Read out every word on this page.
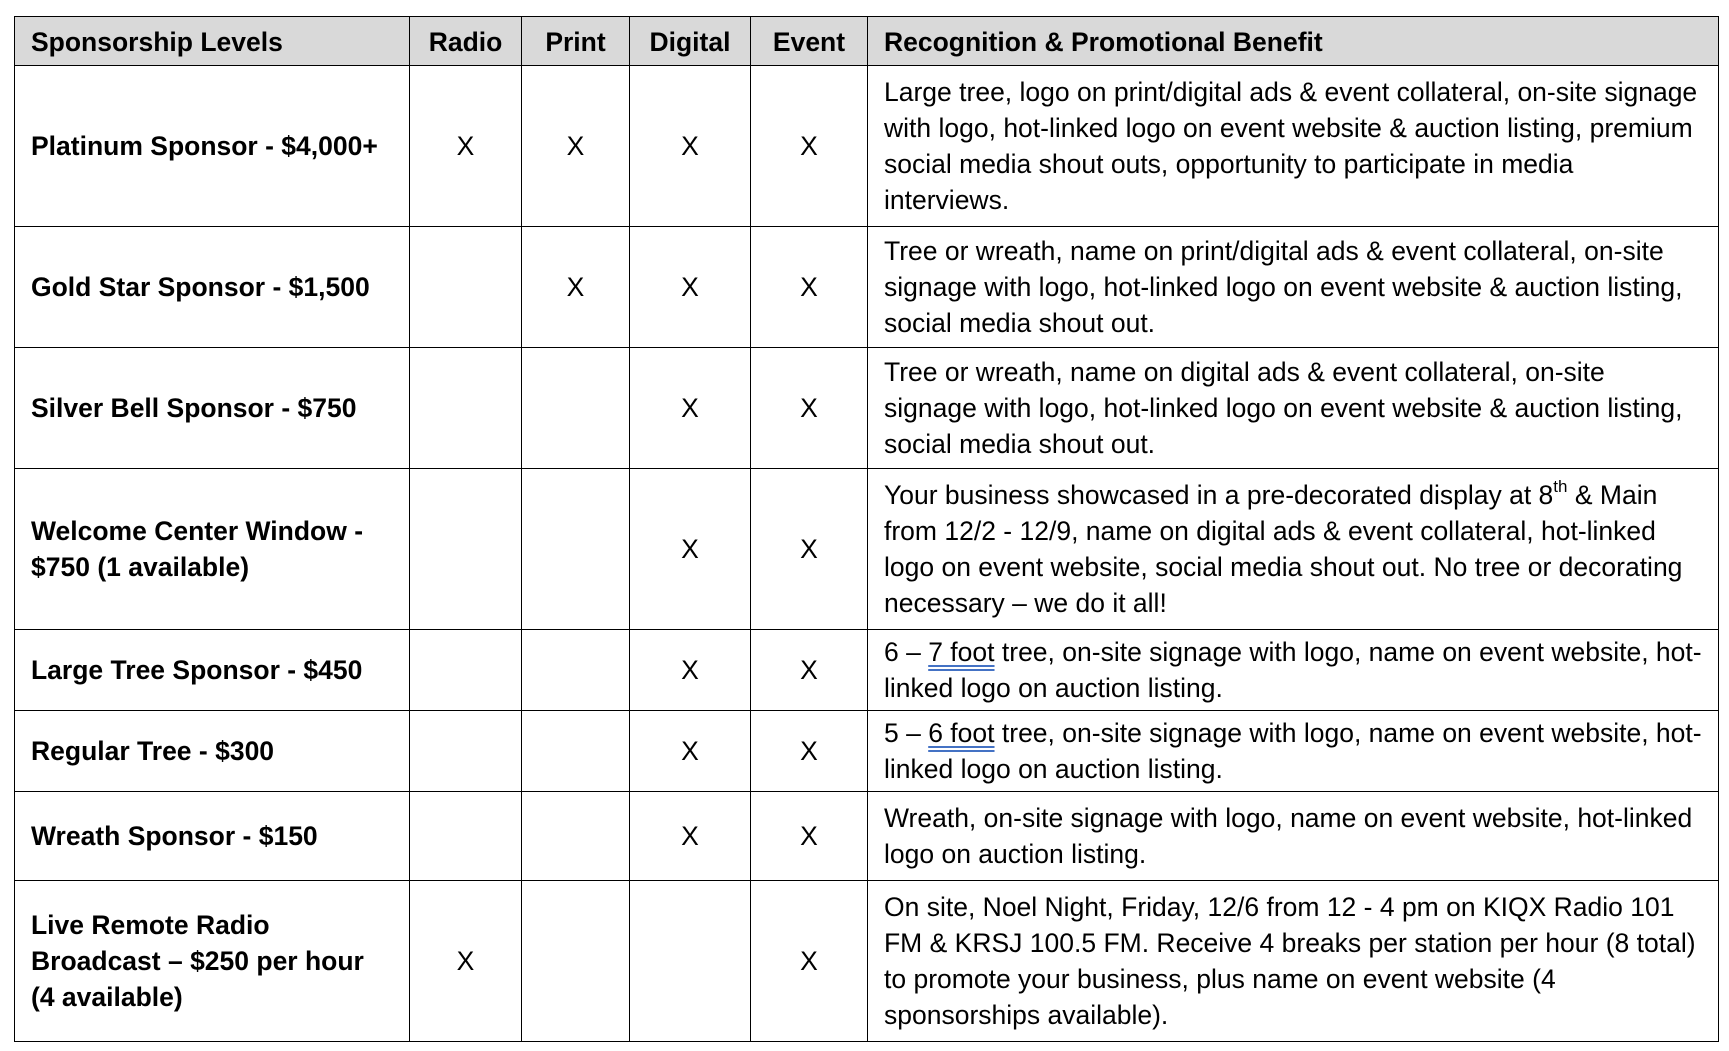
Sponsorship Levels	Radio	Print	Digital	Event	Recognition & Promotional Benefit
Platinum Sponsor - $4,000+	X	X	X	X	Large tree, logo on print/digital ads & event collateral, on-site signage with logo, hot-linked logo on event website & auction listing, premium social media shout outs, opportunity to participate in media interviews.
Gold Star Sponsor - $1,500		X	X	X	Tree or wreath, name on print/digital ads & event collateral, on-site signage with logo, hot-linked logo on event website & auction listing, social media shout out.
Silver Bell Sponsor - $750			X	X	Tree or wreath, name on digital ads & event collateral, on-site signage with logo, hot-linked logo on event website & auction listing, social media shout out.
Welcome Center Window - $750 (1 available)			X	X	Your business showcased in a pre-decorated display at 8th & Main from 12/2 - 12/9, name on digital ads & event collateral, hot-linked logo on event website, social media shout out. No tree or decorating necessary – we do it all!
Large Tree Sponsor - $450			X	X	6 – 7 foot tree, on-site signage with logo, name on event website, hot-linked logo on auction listing.
Regular Tree - $300			X	X	5 – 6 foot tree, on-site signage with logo, name on event website, hot-linked logo on auction listing.
Wreath Sponsor - $150			X	X	Wreath, on-site signage with logo, name on event website, hot-linked logo on auction listing.
Live Remote Radio Broadcast – $250 per hour (4 available)	X			X	On site, Noel Night, Friday, 12/6 from 12 - 4 pm on KIQX Radio 101 FM & KRSJ 100.5 FM. Receive 4 breaks per station per hour (8 total) to promote your business, plus name on event website (4 sponsorships available).
